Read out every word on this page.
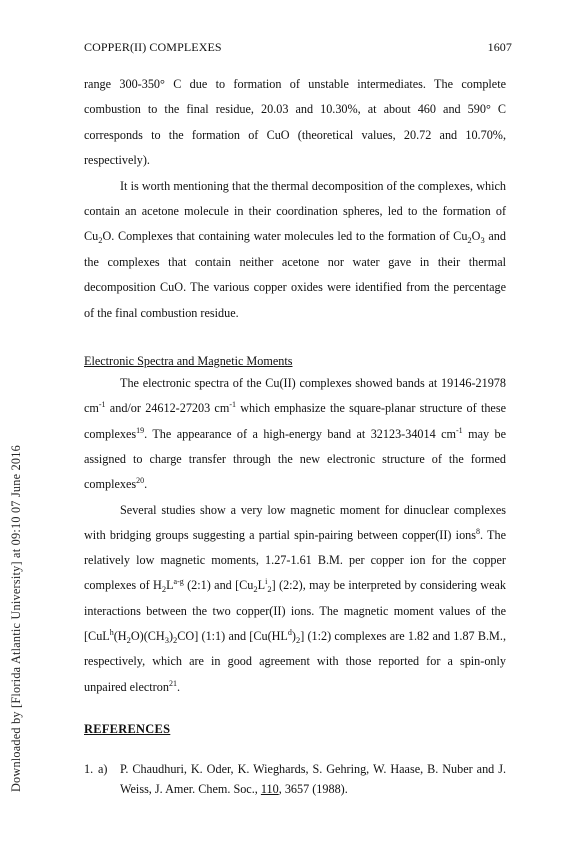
Downloaded by [Florida Atlantic University] at 09:10 07 June 2016
COPPER(II) COMPLEXES	1607

range 300-350° C due to formation of unstable intermediates. The complete combustion to the final residue, 20.03 and 10.30%, at about 460 and 590° C corresponds to the formation of CuO (theoretical values, 20.72 and 10.70%, respectively).

It is worth mentioning that the thermal decomposition of the complexes, which contain an acetone molecule in their coordination spheres, led to the formation of $Cu_2O$. Complexes that containing water molecules led to the formation of $Cu_2O_3$ and the complexes that contain neither acetone nor water gave in their thermal decomposition CuO. The various copper oxides were identified from the percentage of the final combustion residue.

Electronic Spectra and Magnetic Moments

The electronic spectra of the Cu(II) complexes showed bands at 19146-21978 $cm^{-1}$ and/or 24612-27203 $cm^{-1}$ which emphasize the square-planar structure of these complexes$^{19}$. The appearance of a high-energy band at 32123-34014 $cm^{-1}$ may be assigned to charge transfer through the new electronic structure of the formed complexes$^{20}$.

Several studies show a very low magnetic moment for dinuclear complexes with bridging groups suggesting a partial spin-pairing between copper(II) ions$^8$. The relatively low magnetic moments, 1.27-1.61 B.M. per copper ion for the copper complexes of $H_2L^{a-g}$ (2:1) and $[Cu_2L^i_2]$ (2:2), may be interpreted by considering weak interactions between the two copper(II) ions. The magnetic moment values of the $[CuL^h(H_2O)(CH_3)_2CO]$ (1:1) and $[Cu(HL^d)_2]$ (1:2) complexes are 1.82 and 1.87 B.M., respectively, which are in good agreement with those reported for a spin-only unpaired electron$^{21}$.

REFERENCES
1. a) P. Chaudhuri, K. Oder, K. Wieghards, S. Gehring, W. Haase, B. Nuber and J. Weiss, J. Amer. Chem. Soc., 110, 3657 (1988).
